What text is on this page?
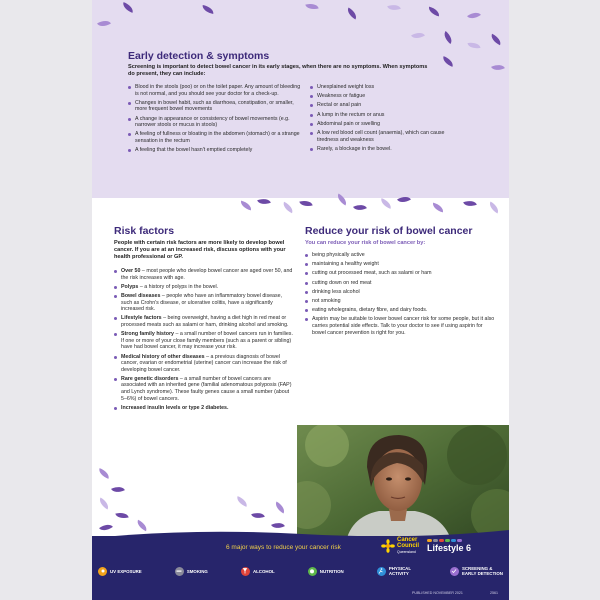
Early detection & symptoms
Screening is important to detect bowel cancer in its early stages, when there are no symptoms. When symptoms do present, they can include:
Blood in the stools (poo) or on the toilet paper. Any amount of bleeding is not normal, and you should see your doctor for a check-up.
Changes in bowel habit, such as diarrhoea, constipation, or smaller, more frequent bowel movements
A change in appearance or consistency of bowel movements (e.g. narrower stools or mucus in stools)
A feeling of fullness or bloating in the abdomen (stomach) or a strange sensation in the rectum
A feeling that the bowel hasn't emptied completely
Unexplained weight loss
Weakness or fatigue
Rectal or anal pain
A lump in the rectum or anus
Abdominal pain or swelling
A low red blood cell count (anaemia), which can cause tiredness and weakness
Rarely, a blockage in the bowel.
Risk factors
People with certain risk factors are more likely to develop bowel cancer. If you are at an increased risk, discuss options with your health professional or GP.
Over 50 – most people who develop bowel cancer are aged over 50, and the risk increases with age.
Polyps – a history of polyps in the bowel.
Bowel diseases – people who have an inflammatory bowel disease, such as Crohn's disease, or ulcerative colitis, have a significantly increased risk.
Lifestyle factors – being overweight, having a diet high in red meat or processed meats such as salami or ham, drinking alcohol and smoking.
Strong family history – a small number of bowel cancers run in families. If one or more of your close family members (such as a parent or sibling) have had bowel cancer, it may increase your risk.
Medical history of other diseases – a previous diagnosis of bowel cancer, ovarian or endometrial (uterine) cancer can increase the risk of developing bowel cancer.
Rare genetic disorders – a small number of bowel cancers are associated with an inherited gene (familial adenomatous polyposis (FAP) and Lynch syndrome). These faulty genes cause a small number (about 5–6%) of bowel cancers.
Increased insulin levels or type 2 diabetes.
Reduce your risk of bowel cancer
You can reduce your risk of bowel cancer by:
being physically active
maintaining a healthy weight
cutting out processed meat, such as salami or ham
cutting down on red meat
drinking less alcohol
not smoking
eating wholegrains, dietary fibre, and dairy foods.
Aspirin may be suitable to lower bowel cancer risk for some people, but it also carries potential side effects. Talk to your doctor to see if using aspirin for bowel cancer prevention is right for you.
6 major ways to reduce your cancer risk
Cancer
Council
Queensland	Lifestyle 6
UV EXPOSURE	SMOKING	ALCOHOL	NUTRITION	PHYSICAL ACTIVITY
SCREENING & EARLY DETECTION
PUBLISHED NOVEMBER 2021	2561
